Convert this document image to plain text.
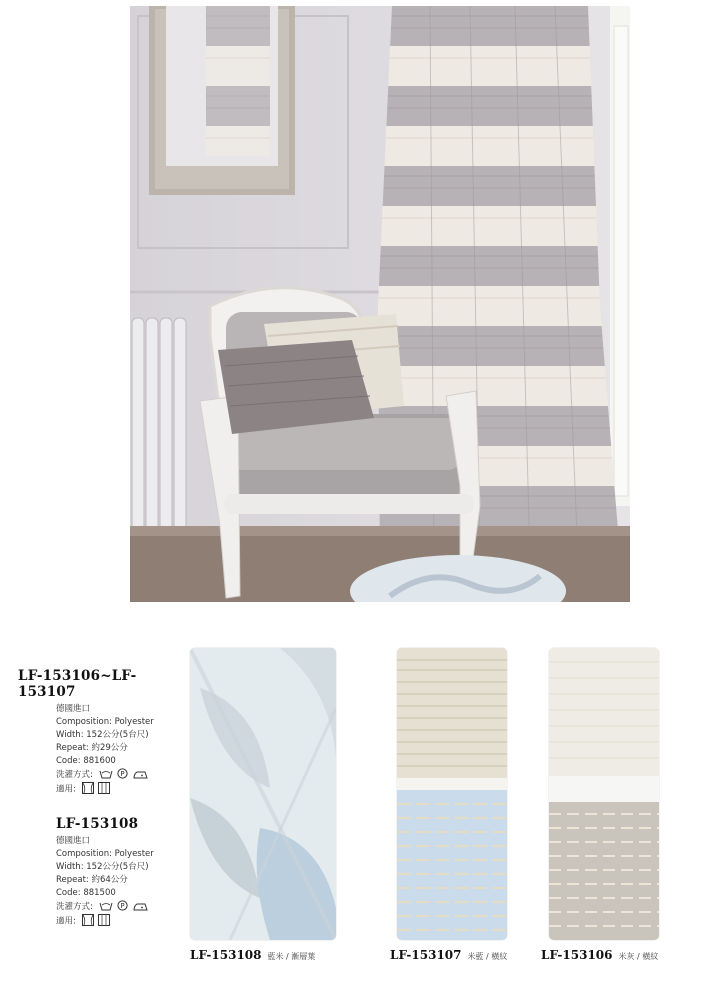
LF-153106~LF-153107
德國進口
Composition: Polyester
Width: 152公分(5台尺)
Repeat: 約29公分
Code: 881600
洗濯方式:	P

適用:
LF-153108
德國進口
Composition: Polyester
Width: 152公分(5台尺)
Repeat: 約64公分
Code: 881500
洗濯方式:	P

適用:
LF-153108 藍米 / 漸層葉	LF-153107 米藍 / 橫紋	LF-153106 米灰 / 橫紋
